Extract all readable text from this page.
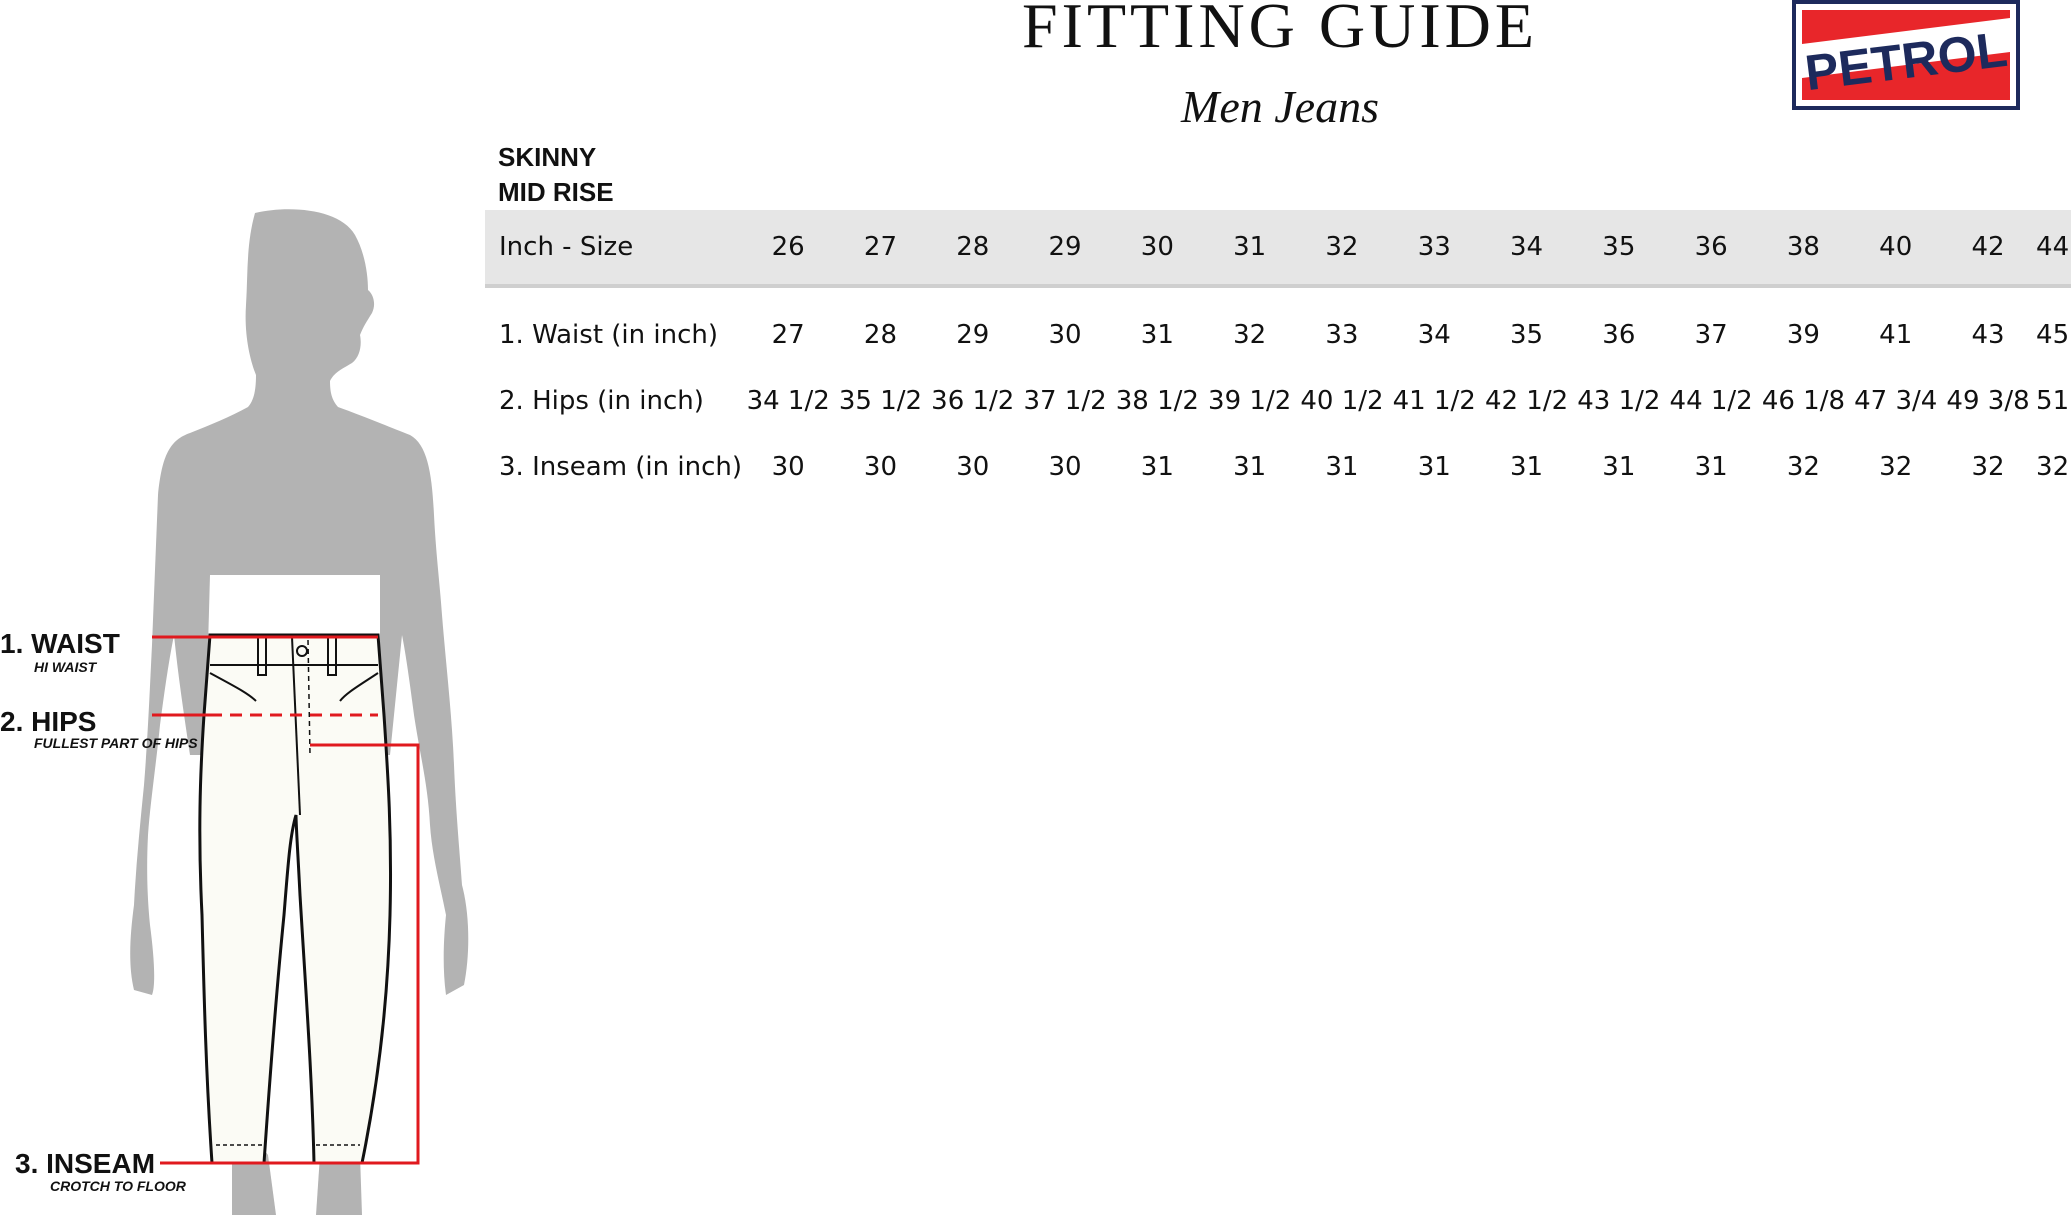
FITTING GUIDE
Men Jeans
PETROL
SKINNY
MID RISE
Inch - Size	26	27	28	29	30	31	32	33	34	35	36	38	40	42	44
1. Waist (in inch)	27	28	29	30	31	32	33	34	35	36	37	39	41	43	45
2. Hips (in inch)	34 1/2	35 1/2	36 1/2	37 1/2	38 1/2	39 1/2	40 1/2	41 1/2	42 1/2	43 1/2	44 1/2	46 1/8	47 3/4	49 3/8	51
3. Inseam (in inch)	30	30	30	30	31	31	31	31	31	31	31	32	32	32	32
1. WAIST
HI WAIST
2. HIPS
FULLEST PART OF HIPS
3. INSEAM
CROTCH TO FLOOR
